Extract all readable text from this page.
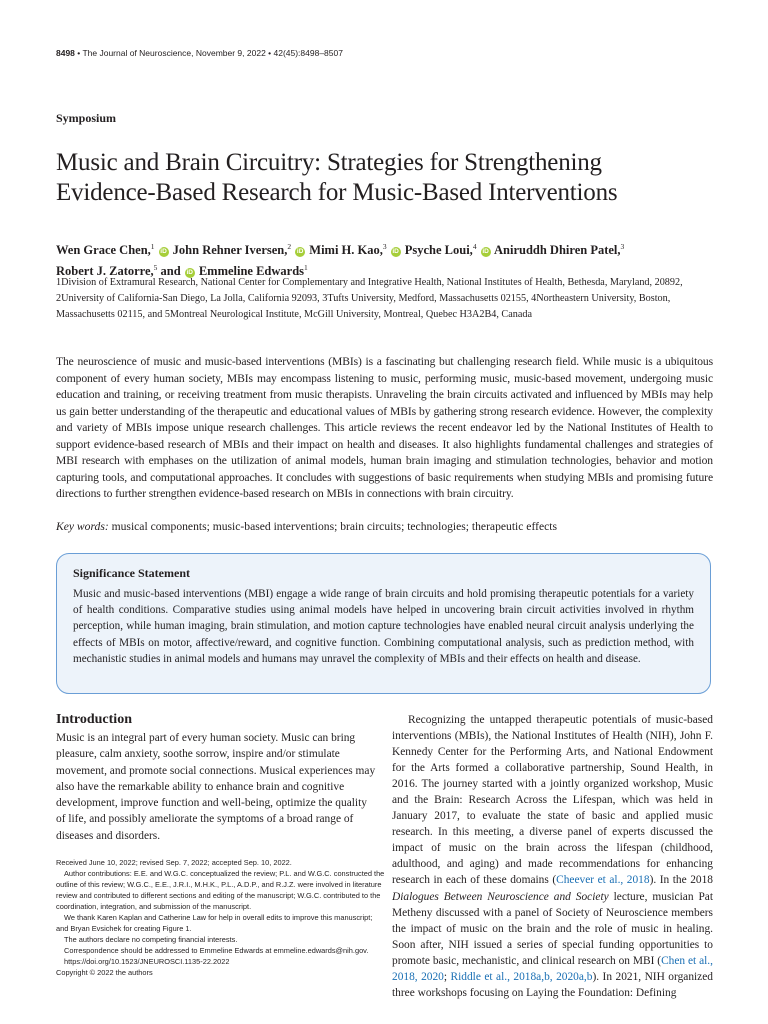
8498 • The Journal of Neuroscience, November 9, 2022 • 42(45):8498–8507
Symposium
Music and Brain Circuitry: Strategies for Strengthening
Evidence-Based Research for Music-Based Interventions
Wen Grace Chen,$^1$iD John Rehner Iversen,$^2$iD Mimi H. Kao,$^3$iD Psyche Loui,$^4$iD Aniruddh Dhiren Patel,$^3$
Robert J. Zatorre,$^5$ and iD Emmeline Edwards$^1$
1Division of Extramural Research, National Center for Complementary and Integrative Health, National Institutes of Health, Bethesda, Maryland, 20892, 2University of California-San Diego, La Jolla, California 92093, 3Tufts University, Medford, Massachusetts 02155, 4Northeastern University, Boston, Massachusetts 02115, and 5Montreal Neurological Institute, McGill University, Montreal, Quebec H3A2B4, Canada
The neuroscience of music and music-based interventions (MBIs) is a fascinating but challenging research field. While music is a ubiquitous component of every human society, MBIs may encompass listening to music, performing music, music-based movement, undergoing music education and training, or receiving treatment from music therapists. Unraveling the brain circuits activated and influenced by MBIs may help us gain better understanding of the therapeutic and educational values of MBIs by gathering strong research evidence. However, the complexity and variety of MBIs impose unique research challenges. This article reviews the recent endeavor led by the National Institutes of Health to support evidence-based research of MBIs and their impact on health and diseases. It also highlights fundamental challenges and strategies of MBI research with emphases on the utilization of animal models, human brain imaging and stimulation technologies, behavior and motion capturing tools, and computational approaches. It concludes with suggestions of basic requirements when studying MBIs and promising future directions to further strengthen evidence-based research on MBIs in connections with brain circuitry.
Key words: musical components; music-based interventions; brain circuits; technologies; therapeutic effects
Significance Statement
Music and music-based interventions (MBI) engage a wide range of brain circuits and hold promising therapeutic potentials for a variety of health conditions. Comparative studies using animal models have helped in uncovering brain circuit activities involved in rhythm perception, while human imaging, brain stimulation, and motion capture technologies have enabled neural circuit analysis underlying the effects of MBIs on motor, affective/reward, and cognitive function. Combining computational analysis, such as prediction method, with mechanistic studies in animal models and humans may unravel the complexity of MBIs and their effects on health and disease.
Introduction
Music is an integral part of every human society. Music can bring pleasure, calm anxiety, soothe sorrow, inspire and/or stimulate movement, and promote social connections. Musical experiences may also have the remarkable ability to enhance brain and cognitive development, improve function and well-being, optimize the quality of life, and possibly ameliorate the symptoms of a broad range of diseases and disorders.

Received June 10, 2022; revised Sep. 7, 2022; accepted Sep. 10, 2022.

Author contributions: E.E. and W.G.C. conceptualized the review; P.L. and W.G.C. constructed the outline of this review; W.G.C., E.E., J.R.I., M.H.K., P.L., A.D.P., and R.J.Z. were involved in literature review and contributed to different sections and editing of the manuscript; W.G.C. contributed to the coordination, integration, and submission of the manuscript.

We thank Karen Kaplan and Catherine Law for help in overall edits to improve this manuscript; and Bryan Evsichek for creating Figure 1.

The authors declare no competing financial interests.

Correspondence should be addressed to Emmeline Edwards at emmeline.edwards@nih.gov.

https://doi.org/10.1523/JNEUROSCI.1135-22.2022

Copyright © 2022 the authors

Recognizing the untapped therapeutic potentials of music-based interventions (MBIs), the National Institutes of Health (NIH), John F. Kennedy Center for the Performing Arts, and National Endowment for the Arts formed a collaborative partnership, Sound Health, in 2016. The journey started with a jointly organized workshop, Music and the Brain: Research Across the Lifespan, which was held in January 2017, to evaluate the state of basic and applied music research. In this meeting, a diverse panel of experts discussed the impact of music on the brain across the lifespan (childhood, adulthood, and aging) and made recommendations for enhancing research in each of these domains (Cheever et al., 2018). In the 2018 Dialogues Between Neuroscience and Society lecture, musician Pat Metheny discussed with a panel of Society of Neuroscience members the impact of music on the brain and the role of music in healing. Soon after, NIH issued a series of special funding opportunities to promote basic, mechanistic, and clinical research on MBI (Chen et al., 2018, 2020; Riddle et al., 2018a,b, 2020a,b). In 2021, NIH organized three workshops focusing on Laying the Foundation: Defining
